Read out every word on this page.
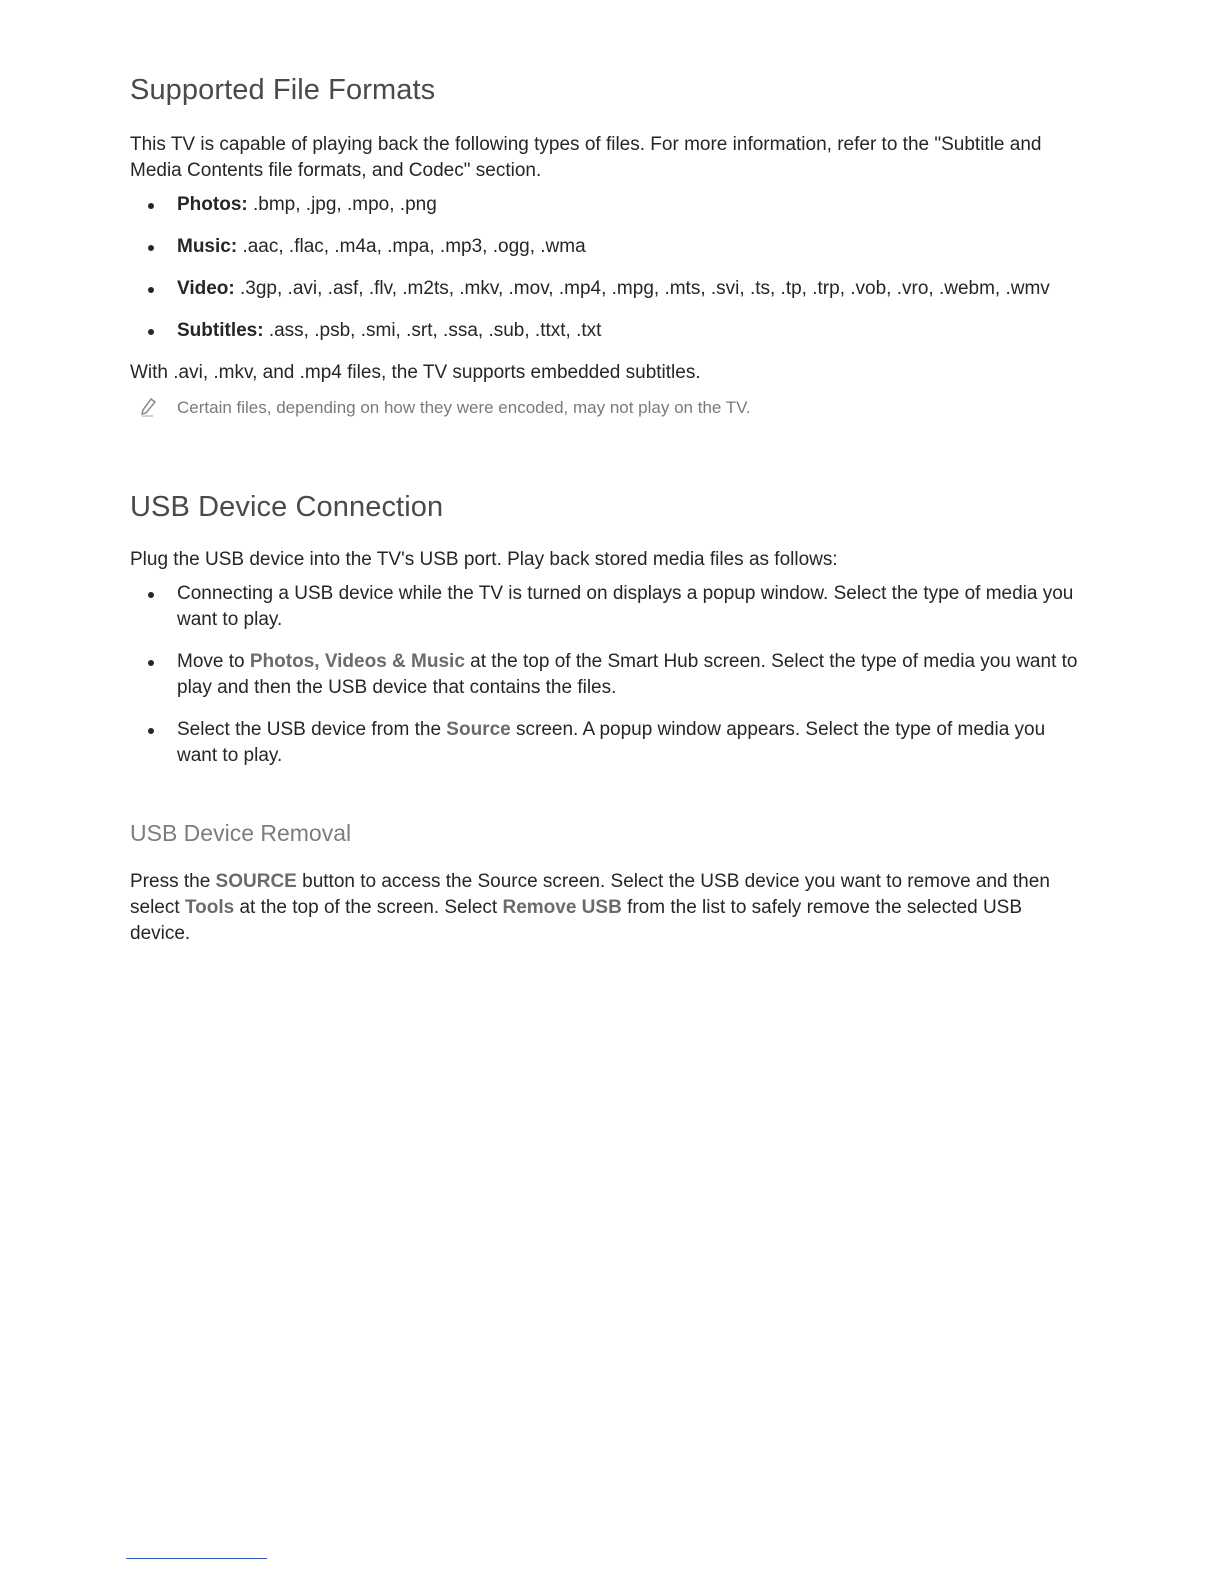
Supported File Formats

This TV is capable of playing back the following types of files. For more information, refer to the "Subtitle and Media Contents file formats, and Codec" section.

Photos: .bmp, .jpg, .mpo, .png
Music: .aac, .flac, .m4a, .mpa, .mp3, .ogg, .wma
Video: .3gp, .avi, .asf, .flv, .m2ts, .mkv, .mov, .mp4, .mpg, .mts, .svi, .ts, .tp, .trp, .vob, .vro, .webm, .wmv
Subtitles: .ass, .psb, .smi, .srt, .ssa, .sub, .ttxt, .txt

With .avi, .mkv, and .mp4 files, the TV supports embedded subtitles.

Certain files, depending on how they were encoded, may not play on the TV.
USB Device Connection

Plug the USB device into the TV's USB port. Play back stored media files as follows:

Connecting a USB device while the TV is turned on displays a popup window. Select the type of media you want to play.
Move to Photos, Videos & Music at the top of the Smart Hub screen. Select the type of media you want to play and then the USB device that contains the files.
Select the USB device from the Source screen. A popup window appears. Select the type of media you want to play.
USB Device Removal

Press the SOURCE button to access the Source screen. Select the USB device you want to remove and then select Tools at the top of the screen. Select Remove USB from the list to safely remove the selected USB device.
